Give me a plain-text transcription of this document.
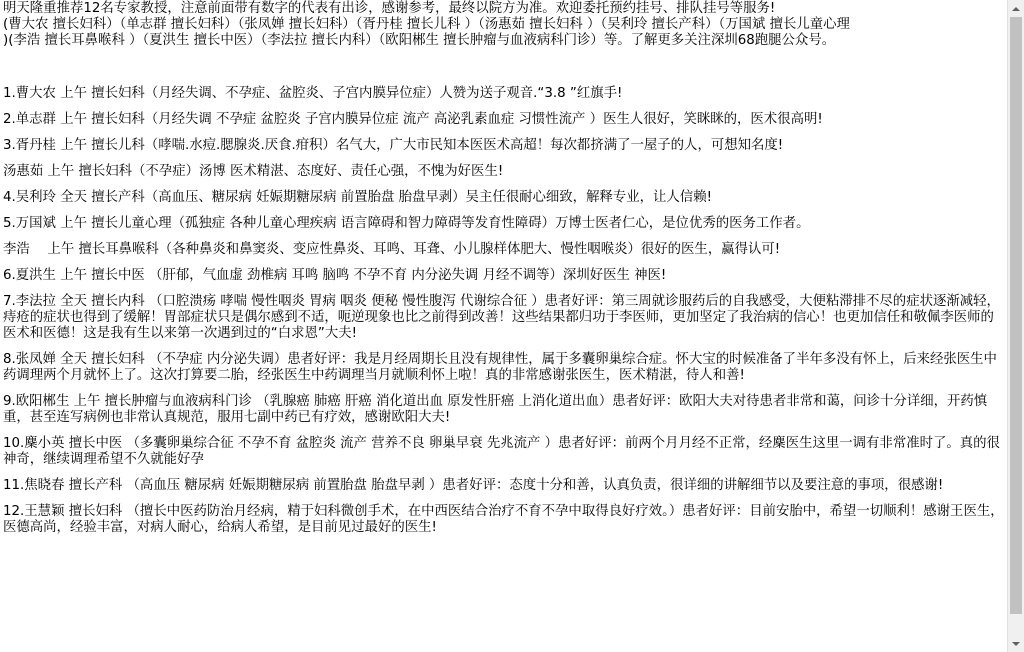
明天隆重推荐12名专家教授，注意前面带有数字的代表有出诊，感谢参考，最终以院方为准。欢迎委托预约挂号、排队挂号等服务!

(曹大农 擅长妇科）（单志群 擅长妇科）（张凤婵 擅长妇科）（胥丹桂 擅长儿科 ）（汤惠茹 擅长妇科 ）（吴利玲 擅长产科）（万国斌 擅长儿童心理

)(李浩 擅长耳鼻喉科 ）（夏洪生 擅长中医）（李法拉 擅长内科）（欧阳郴生 擅长肿瘤与血液病科门诊）等。了解更多关注深圳68跑腿公众号。

1.曹大农 上午 擅长妇科（月经失调、不孕症、盆腔炎、子宫内膜异位症）人赞为送子观音.“3.8 ”红旗手!

2.单志群 上午 擅长妇科（月经失调 不孕症 盆腔炎 子宫内膜异位症 流产 高泌乳素血症 习惯性流产 ）医生人很好，笑眯眯的，医术很高明!

3.胥丹桂 上午 擅长儿科（哮喘.水痘.腮腺炎.厌食.疳积）名气大，广大市民知本医医术高超！每次都挤满了一屋子的人，可想知名度!

汤惠茹 上午 擅长妇科（不孕症）汤博 医术精湛、态度好、责任心强，不愧为好医生!

4.吴利玲 全天 擅长产科（高血压、糖尿病 妊娠期糖尿病 前置胎盘 胎盘早剥）吴主任很耐心细致，解释专业，让人信赖!

5.万国斌 上午 擅长儿童心理（孤独症 各种儿童心理疾病 语言障碍和智力障碍等发育性障碍）万博士医者仁心，是位优秀的医务工作者。

李浩　 上午 擅长耳鼻喉科（各种鼻炎和鼻窦炎、变应性鼻炎、耳鸣、耳聋、小儿腺样体肥大、慢性咽喉炎）很好的医生，赢得认可!

6.夏洪生 上午 擅长中医 （肝郁，气血虚 劲椎病 耳鸣 脑鸣 不孕不育 内分泌失调 月经不调等）深圳好医生 神医!

7.李法拉 全天 擅长内科 （口腔溃疡 哮喘 慢性咽炎 胃病 咽炎 便秘 慢性腹泻 代谢综合征 ）患者好评：第三周就诊服药后的自我感受，大便粘滞排不尽的症状逐渐减轻，痔疮的症状也得到了缓解！胃部症状只是偶尔感到不适，呃逆现象也比之前得到改善！这些结果都归功于李医师，更加坚定了我治病的信心！也更加信任和敬佩李医师的医术和医德！这是我有生以来第一次遇到过的“白求恩”大夫!

8.张凤婵 全天 擅长妇科 （不孕症 内分泌失调）患者好评：我是月经周期长且没有规律性，属于多囊卵巢综合症。怀大宝的时候准备了半年多没有怀上，后来经张医生中药调理两个月就怀上了。这次打算要二胎，经张医生中药调理当月就顺利怀上啦！真的非常感谢张医生，医术精湛，待人和善!

9.欧阳郴生 上午 擅长肿瘤与血液病科门诊 （乳腺癌 肺癌 肝癌 消化道出血 原发性肝癌 上消化道出血）患者好评：欧阳大夫对待患者非常和蔼，问诊十分详细，开药慎重，甚至连写病例也非常认真规范，服用七副中药已有疗效，感谢欧阳大夫!

10.麇小英 擅长中医 （多囊卵巢综合征 不孕不育 盆腔炎 流产 营养不良 卵巢早衰 先兆流产 ）患者好评：前两个月月经不正常，经麇医生这里一调有非常准时了。真的很神奇，继续调理希望不久就能好孕

11.焦晓春 擅长产科 （高血压 糖尿病 妊娠期糖尿病 前置胎盘 胎盘早剥 ）患者好评：态度十分和善，认真负责，很详细的讲解细节以及要注意的事项，很感谢!

12.王慧颖 擅长妇科 （擅长中医药防治月经病，精于妇科微创手术，在中西医结合治疗不育不孕中取得良好疗效。）患者好评：目前安胎中，希望一切顺利！感谢王医生，医德高尚，经验丰富，对病人耐心，给病人希望，是目前见过最好的医生!
